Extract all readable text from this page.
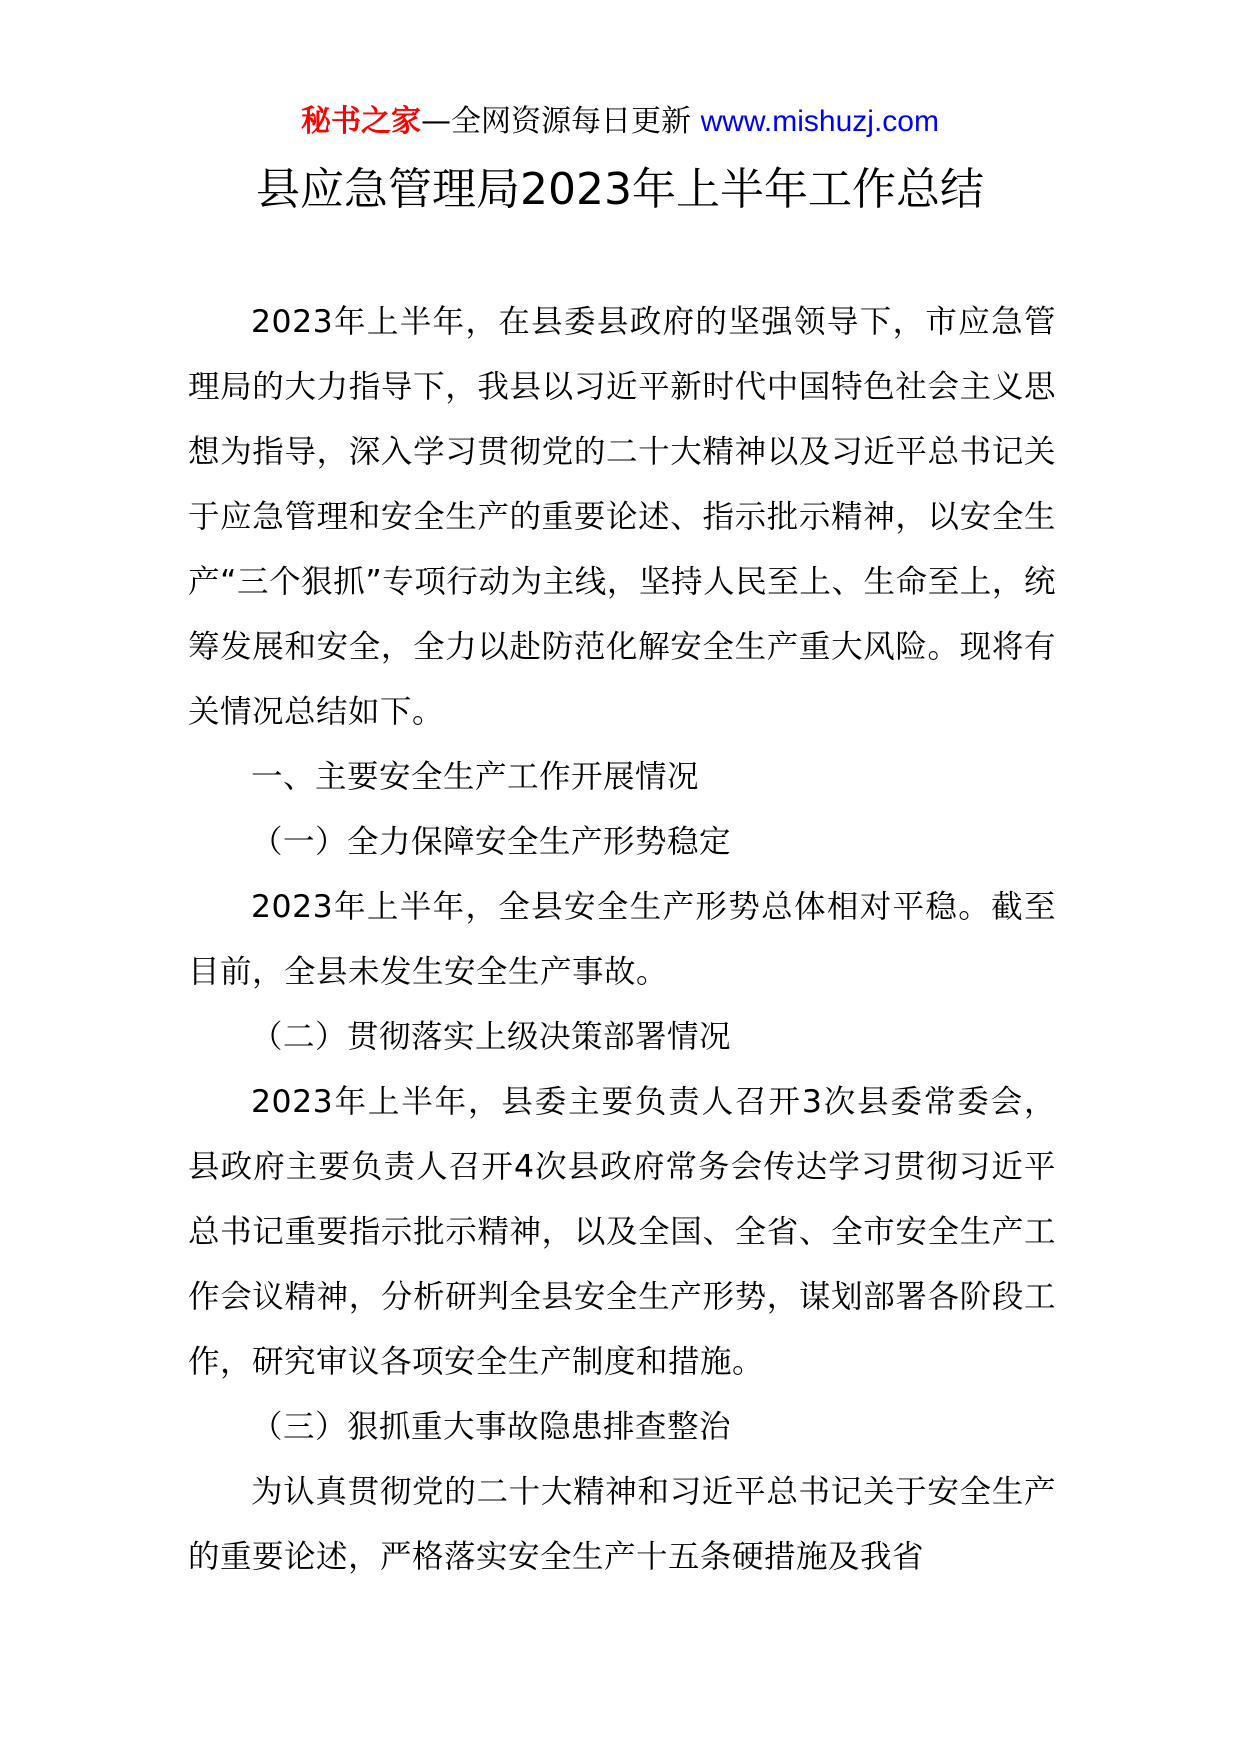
秘书之家—全网资源每日更新 www.mishuzj.com
县应急管理局2023年上半年工作总结

2023年上半年，在县委县政府的坚强领导下，市应急管理局的大力指导下，我县以习近平新时代中国特色社会主义思想为指导，深入学习贯彻党的二十大精神以及习近平总书记关于应急管理和安全生产的重要论述、指示批示精神，以安全生产“三个狠抓”专项行动为主线，坚持人民至上、生命至上，统筹发展和安全，全力以赴防范化解安全生产重大风险。现将有关情况总结如下。

一、主要安全生产工作开展情况

（一）全力保障安全生产形势稳定

2023年上半年，全县安全生产形势总体相对平稳。截至目前，全县未发生安全生产事故。

（二）贯彻落实上级决策部署情况

2023年上半年，县委主要负责人召开3次县委常委会，县政府主要负责人召开4次县政府常务会传达学习贯彻习近平总书记重要指示批示精神，以及全国、全省、全市安全生产工作会议精神，分析研判全县安全生产形势，谋划部署各阶段工作，研究审议各项安全生产制度和措施。

（三）狠抓重大事故隐患排查整治

为认真贯彻党的二十大精神和习近平总书记关于安全生产的重要论述，严格落实安全生产十五条硬措施及我省
